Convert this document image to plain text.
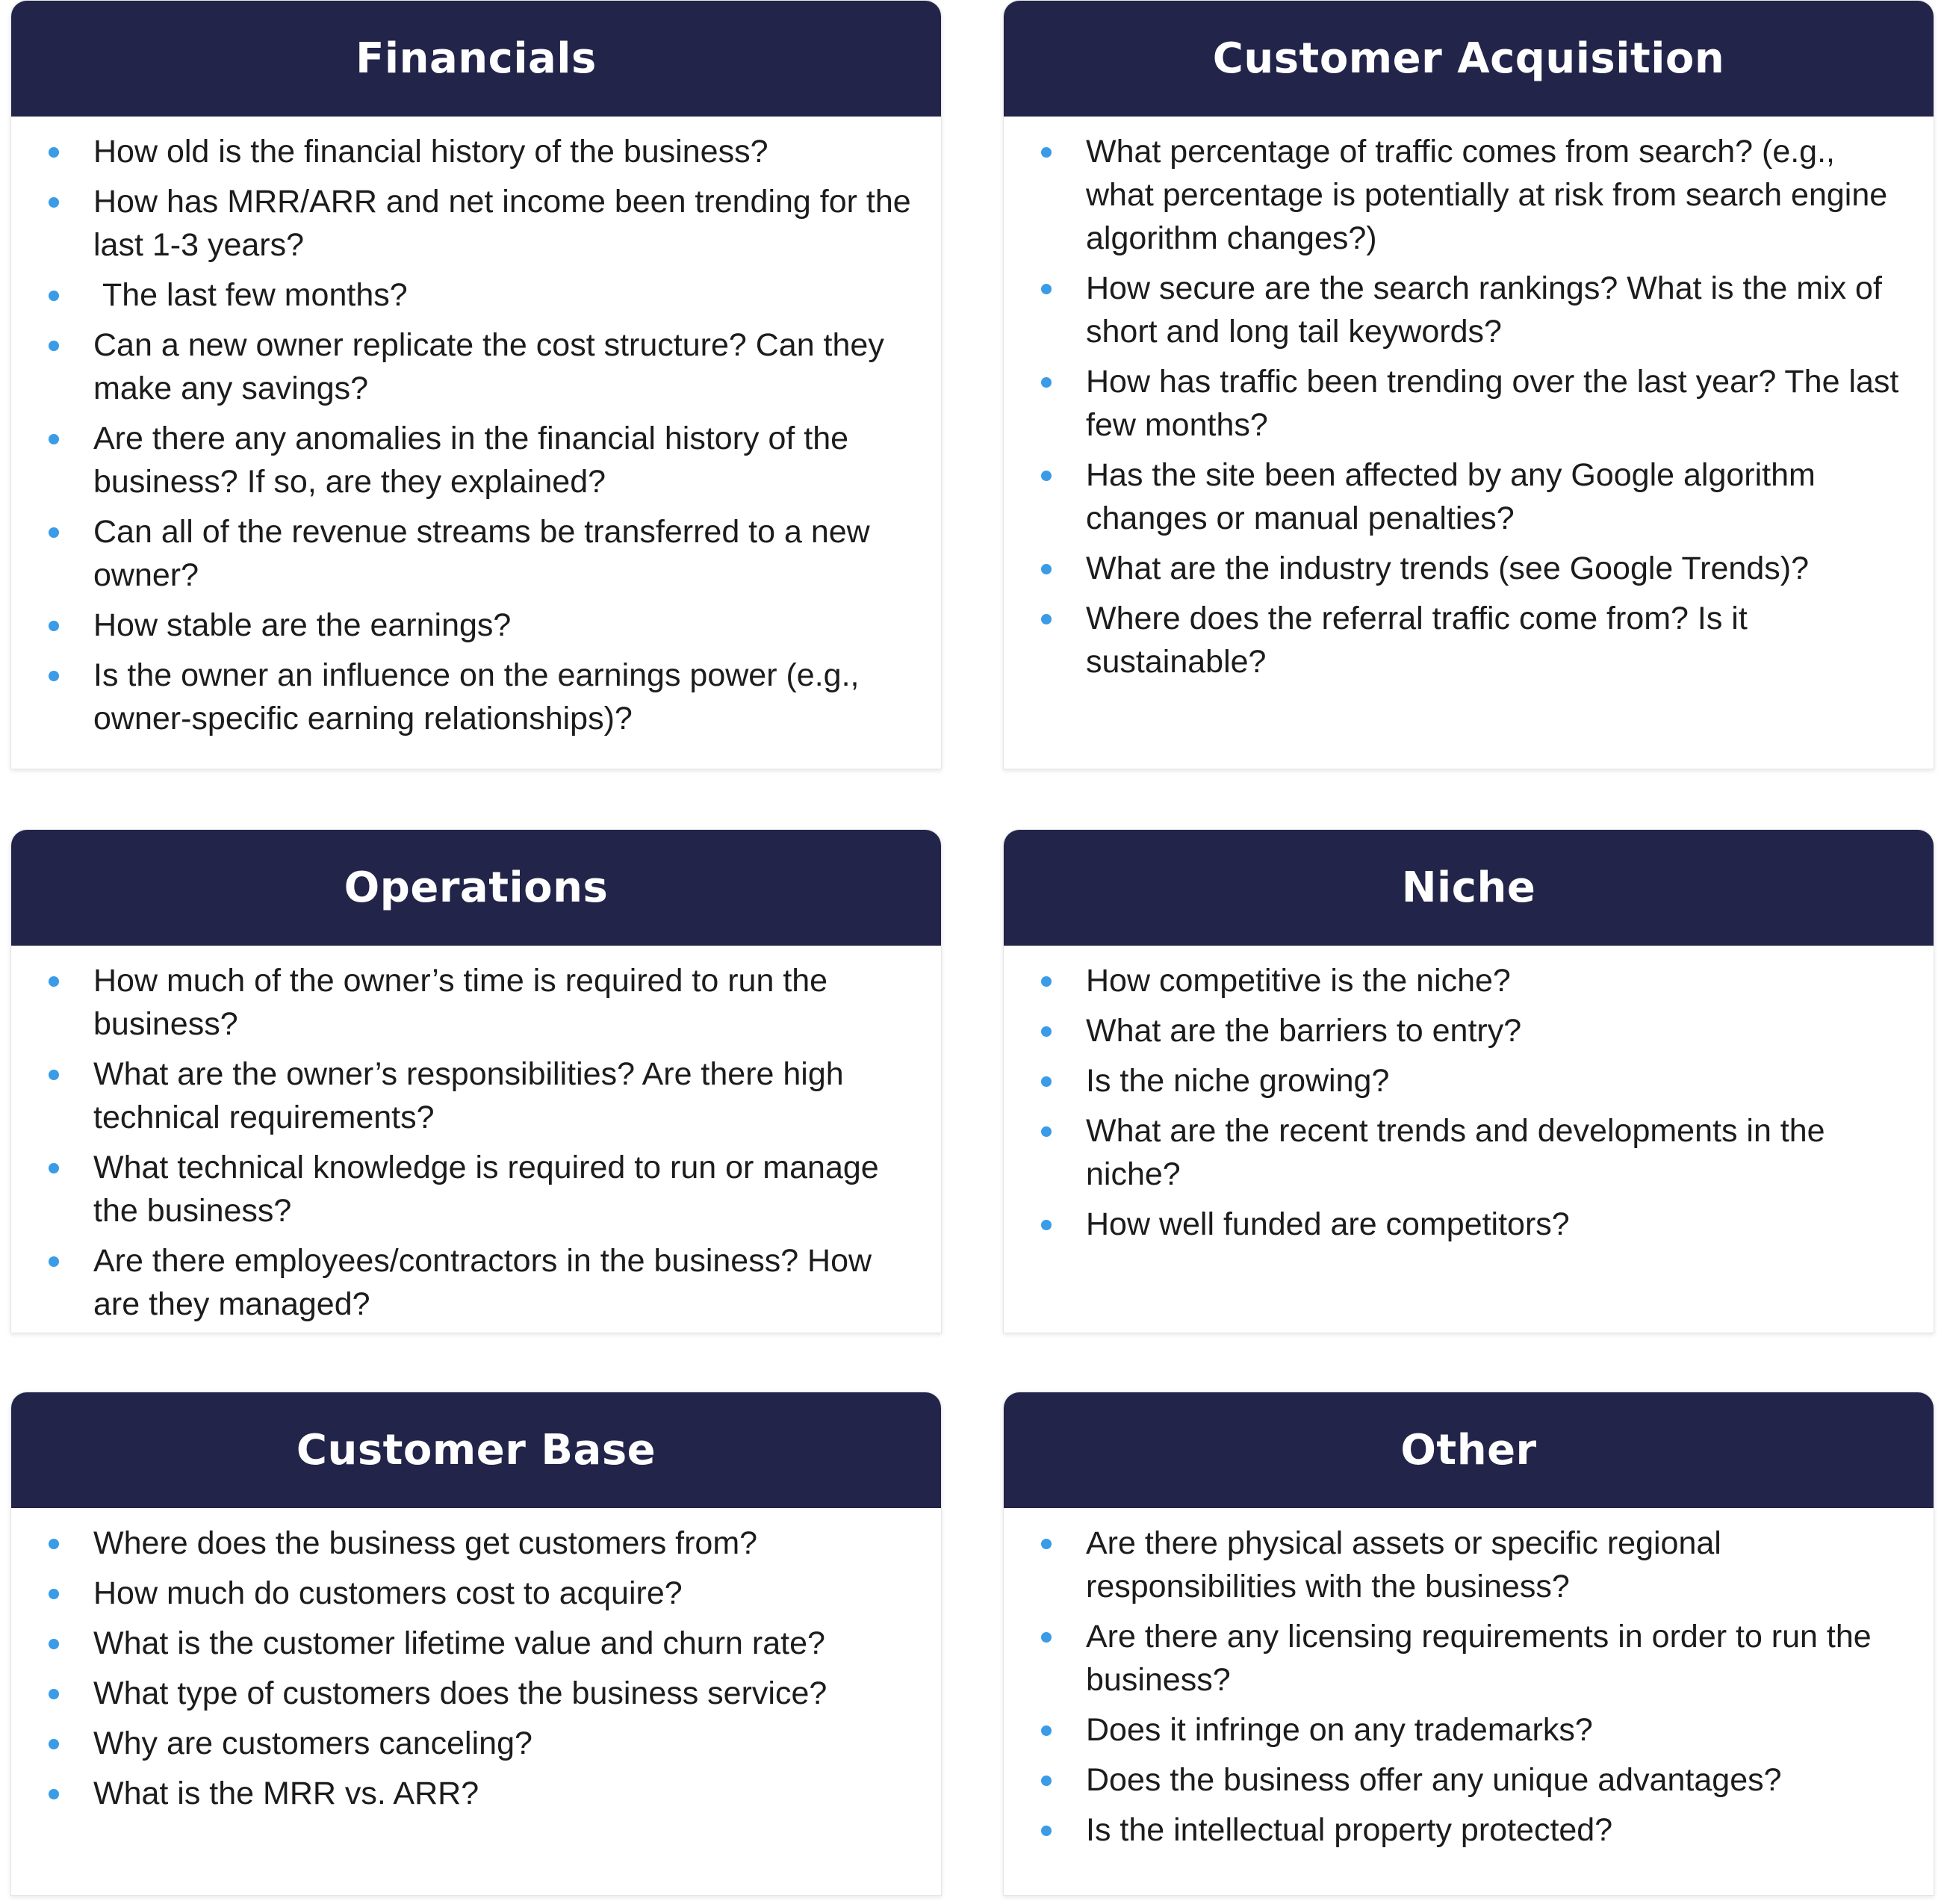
Financials
How old is the financial history of the business?
How has MRR/ARR and net income been trending for the last 1-3 years?
The last few months?
Can a new owner replicate the cost structure? Can they make any savings?
Are there any anomalies in the financial history of the business? If so, are they explained?
Can all of the revenue streams be transferred to a new owner?
How stable are the earnings?
Is the owner an influence on the earnings power (e.g., owner-specific earning relationships)?
Customer Acquisition
What percentage of traffic comes from search? (e.g., what percentage is potentially at risk from search engine algorithm changes?)
How secure are the search rankings? What is the mix of short and long tail keywords?
How has traffic been trending over the last year? The last few months?
Has the site been affected by any Google algorithm changes or manual penalties?
What are the industry trends (see Google Trends)?
Where does the referral traffic come from? Is it sustainable?
Operations
How much of the owner’s time is required to run the business?
What are the owner’s responsibilities? Are there high technical requirements?
What technical knowledge is required to run or manage the business?
Are there employees/contractors in the business? How are they managed?
Niche
How competitive is the niche?
What are the barriers to entry?
Is the niche growing?
What are the recent trends and developments in the niche?
How well funded are competitors?
Customer Base
Where does the business get customers from?
How much do customers cost to acquire?
What is the customer lifetime value and churn rate?
What type of customers does the business service?
Why are customers canceling?
What is the MRR vs. ARR?
Other
Are there physical assets or specific regional responsibilities with the business?
Are there any licensing requirements in order to run the business?
Does it infringe on any trademarks?
Does the business offer any unique advantages?
Is the intellectual property protected?
